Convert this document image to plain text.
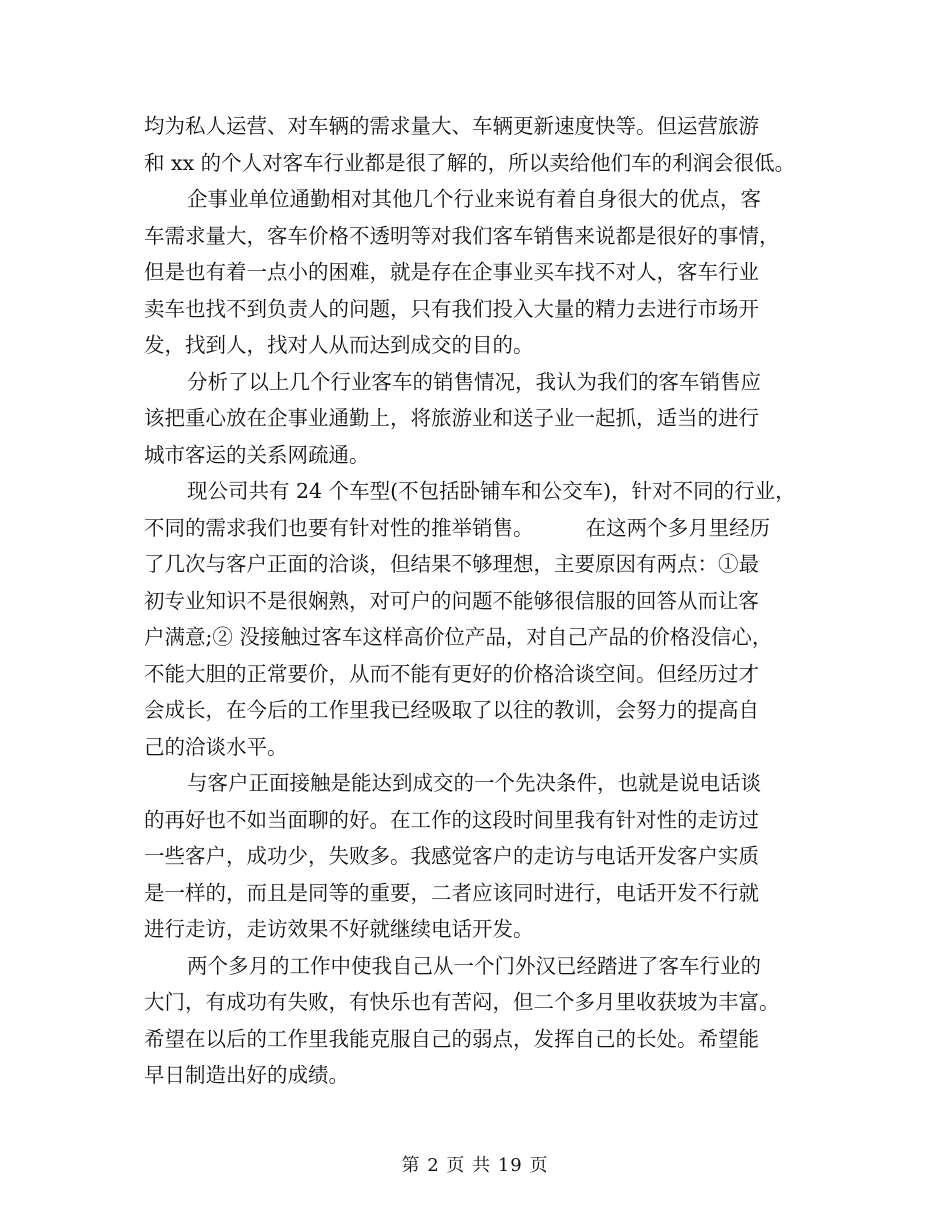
均为私人运营、对车辆的需求量大、车辆更新速度快等。但运营旅游
和 xx 的个人对客车行业都是很了解的，所以卖给他们车的利润会很低。
企事业单位通勤相对其他几个行业来说有着自身很大的优点，客
车需求量大，客车价格不透明等对我们客车销售来说都是很好的事情，
但是也有着一点小的困难，就是存在企事业买车找不对人，客车行业
卖车也找不到负责人的问题，只有我们投入大量的精力去进行市场开
发，找到人，找对人从而达到成交的目的。
分析了以上几个行业客车的销售情况，我认为我们的客车销售应
该把重心放在企事业通勤上，将旅游业和送子业一起抓，适当的进行
城市客运的关系网疏通。
现公司共有 24 个车型(不包括卧铺车和公交车)，针对不同的行业，
不同的需求我们也要有针对性的推举销售。        在这两个多月里经历
了几次与客户正面的洽谈，但结果不够理想，主要原因有两点：①最
初专业知识不是很娴熟，对可户的问题不能够很信服的回答从而让客
户满意;② 没接触过客车这样高价位产品，对自己产品的价格没信心，
不能大胆的正常要价，从而不能有更好的价格洽谈空间。但经历过才
会成长，在今后的工作里我已经吸取了以往的教训，会努力的提高自
己的洽谈水平。
与客户正面接触是能达到成交的一个先决条件，也就是说电话谈
的再好也不如当面聊的好。在工作的这段时间里我有针对性的走访过
一些客户，成功少，失败多。我感觉客户的走访与电话开发客户实质
是一样的，而且是同等的重要，二者应该同时进行，电话开发不行就
进行走访，走访效果不好就继续电话开发。
两个多月的工作中使我自己从一个门外汉已经踏进了客车行业的
大门，有成功有失败，有快乐也有苦闷，但二个多月里收获坡为丰富。
希望在以后的工作里我能克服自己的弱点，发挥自己的长处。希望能
早日制造出好的成绩。
第 2 页 共 19 页
